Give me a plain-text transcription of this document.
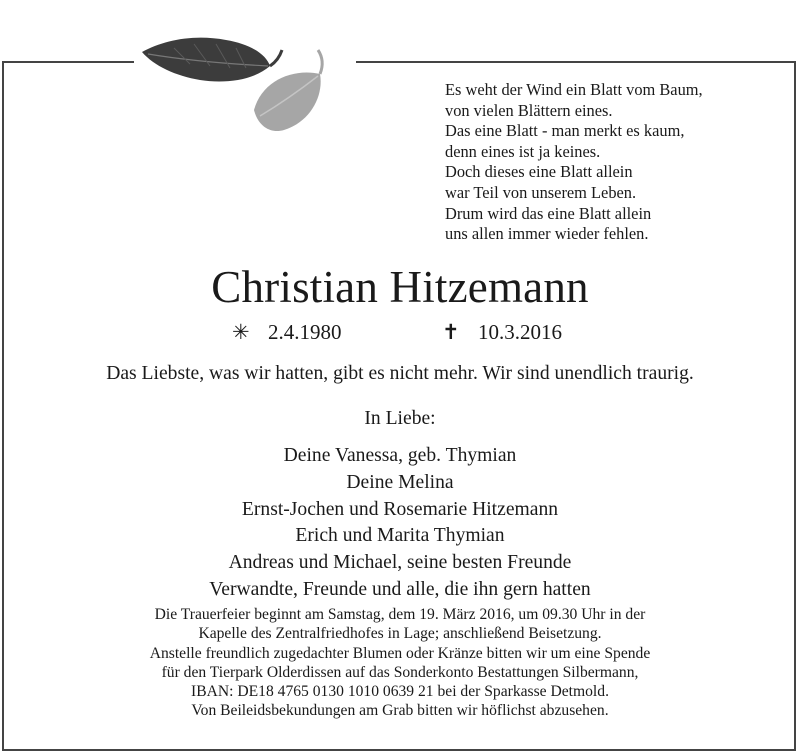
Es weht der Wind ein Blatt vom Baum,
von vielen Blättern eines.
Das eine Blatt - man merkt es kaum,
denn eines ist ja keines.
Doch dieses eine Blatt allein
war Teil von unserem Leben.
Drum wird das eine Blatt allein
uns allen immer wieder fehlen.
Christian Hitzemann
✳ 2.4.1980	✝ 10.3.2016
Das Liebste, was wir hatten, gibt es nicht mehr. Wir sind unendlich traurig.
In Liebe:
Deine Vanessa, geb. Thymian
Deine Melina
Ernst-Jochen und Rosemarie Hitzemann
Erich und Marita Thymian
Andreas und Michael, seine besten Freunde
Verwandte, Freunde und alle, die ihn gern hatten
Die Trauerfeier beginnt am Samstag, dem 19. März 2016, um 09.30 Uhr in der
Kapelle des Zentralfriedhofes in Lage; anschließend Beisetzung.
Anstelle freundlich zugedachter Blumen oder Kränze bitten wir um eine Spende
für den Tierpark Olderdissen auf das Sonderkonto Bestattungen Silbermann,
IBAN: DE18 4765 0130 1010 0639 21 bei der Sparkasse Detmold.
Von Beileidsbekundungen am Grab bitten wir höflichst abzusehen.
